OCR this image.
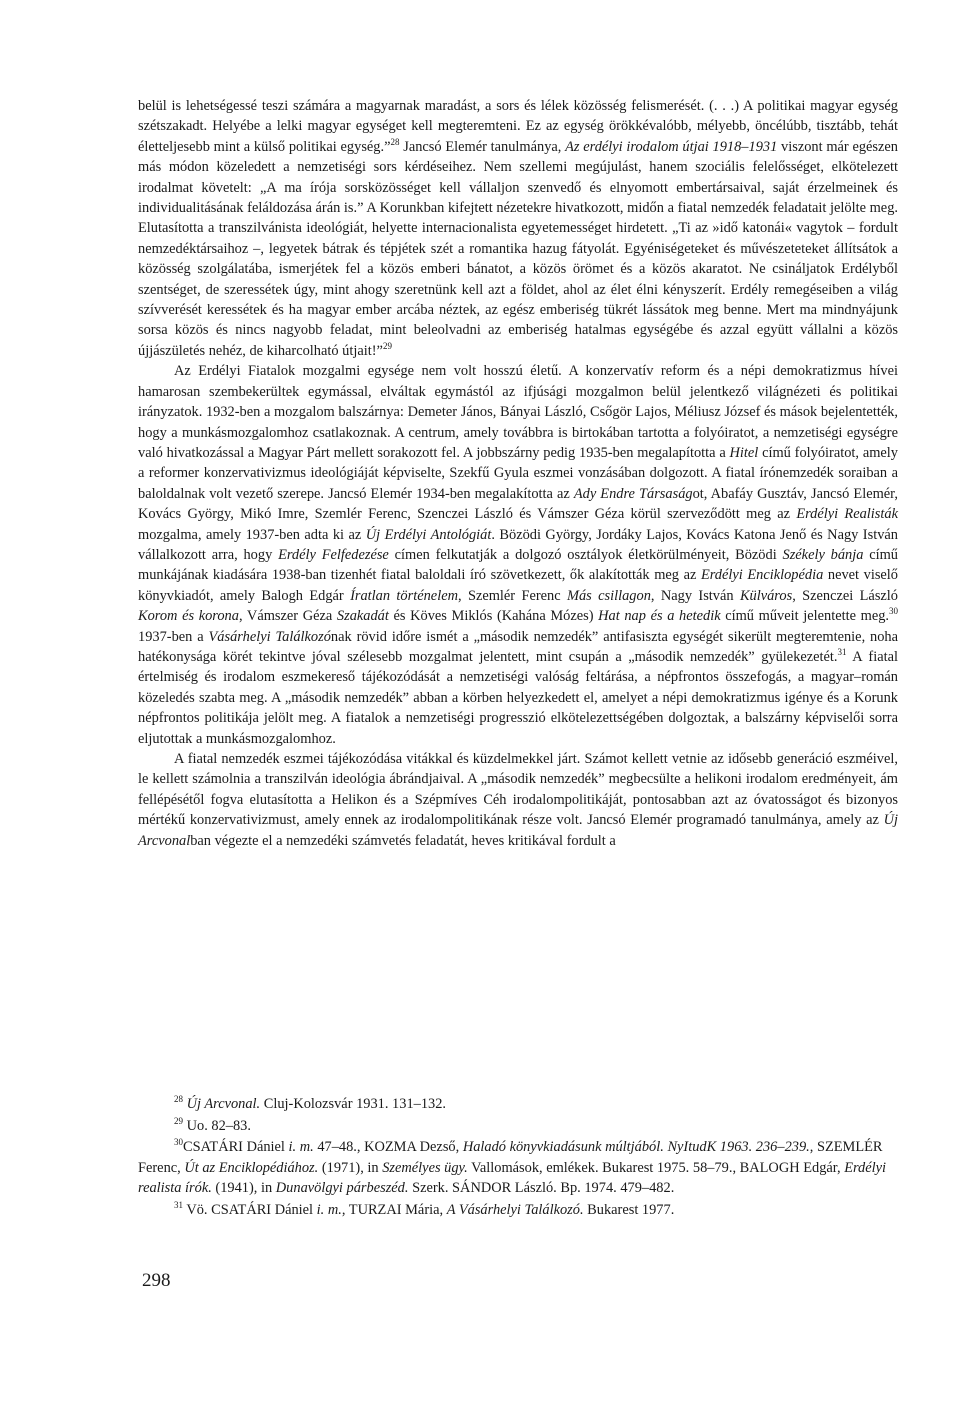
belül is lehetségessé teszi számára a magyarnak maradást, a sors és lélek közösség felismerését. (. . .) A politikai magyar egység szétszakadt. Helyébe a lelki magyar egységet kell megteremteni. Ez az egység örökkévalóbb, mélyebb, öncélúbb, tisztább, tehát életteljesebb mint a külső politikai egység.”$^{28}$ Jancsó Elemér tanulmánya, Az erdélyi irodalom útjai 1918–1931 viszont már egészen más módon közeledett a nemzetiségi sors kérdéseihez. Nem szellemi megújulást, hanem szociális felelősséget, elkötelezett irodalmat követelt: „A ma írója sorsközösséget kell vállaljon szenvedő és elnyomott embertársaival, saját érzelmeinek és individualitásának feláldozása árán is.” A Korunkban kifejtett nézetekre hivatkozott, midőn a fiatal nemzedék feladatait jelölte meg. Elutasította a transzilvánista ideológiát, helyette internacionalista egyetemességet hirdetett. „Ti az »idő katonái« vagytok – fordult nemzedéktársaihoz –, legyetek bátrak és tépjétek szét a romantika hazug fátyolát. Egyéniségeteket és művészeteteket állítsátok a közösség szolgálatába, ismerjétek fel a közös emberi bánatot, a közös örömet és a közös akaratot. Ne csináljatok Erdélyből szentséget, de szeressétek úgy, mint ahogy szeretnünk kell azt a földet, ahol az élet élni kényszerít. Erdély remegéseiben a világ szívverését keressétek és ha magyar ember arcába néztek, az egész emberiség tükrét lássátok meg benne. Mert ma mindnyájunk sorsa közös és nincs nagyobb feladat, mint beleolvadni az emberiség hatalmas egységébe és azzal együtt vállalni a közös újjászületés nehéz, de kiharcolható útjait!”$^{29}$

Az Erdélyi Fiatalok mozgalmi egysége nem volt hosszú életű. A konzervatív reform és a népi demokratizmus hívei hamarosan szembekerültek egymással, elváltak egymástól az ifjúsági mozgalmon belül jelentkező világnézeti és politikai irányzatok. 1932-ben a mozgalom balszárnya: Demeter János, Bányai László, Csőgör Lajos, Méliusz József és mások bejelentették, hogy a munkásmozgalomhoz csatlakoznak. A centrum, amely továbbra is birtokában tartotta a folyóiratot, a nemzetiségi egységre való hivatkozással a Magyar Párt mellett sorakozott fel. A jobbszárny pedig 1935-ben megalapította a Hitel című folyóiratot, amely a reformer konzervativizmus ideológiáját képviselte, Szekfű Gyula eszmei vonzásában dolgozott. A fiatal írónemzedék soraiban a baloldalnak volt vezető szerepe. Jancsó Elemér 1934-ben megalakította az Ady Endre Társaságot, Abafáy Gusztáv, Jancsó Elemér, Kovács György, Mikó Imre, Szemlér Ferenc, Szenczei László és Vámszer Géza körül szerveződött meg az Erdélyi Realisták mozgalma, amely 1937-ben adta ki az Új Erdélyi Antológiát. Bözödi György, Jordáky Lajos, Kovács Katona Jenő és Nagy István vállalkozott arra, hogy Erdély Felfedezése címen felkutatják a dolgozó osztályok életkörülményeit, Bözödi Székely bánja című munkájának kiadására 1938-ban tizenhét fiatal baloldali író szövetkezett, ők alakították meg az Erdélyi Enciklopédia nevet viselő könyvkiadót, amely Balogh Edgár Íratlan történelem, Szemlér Ferenc Más csillagon, Nagy István Külváros, Szenczei László Korom és korona, Vámszer Géza Szakadát és Köves Miklós (Kahána Mózes) Hat nap és a hetedik című műveit jelentette meg.$^{30}$ 1937-ben a Vásárhelyi Találkozónak rövid időre ismét a „második nemzedék” antifasiszta egységét sikerült megteremtenie, noha hatékonysága körét tekintve jóval szélesebb mozgalmat jelentett, mint csupán a „második nemzedék” gyülekezetét.$^{31}$ A fiatal értelmiség és irodalom eszmekereső tájékozódását a nemzetiségi valóság feltárása, a népfrontos összefogás, a magyar–román közeledés szabta meg. A „második nemzedék” abban a körben helyezkedett el, amelyet a népi demokratizmus igénye és a Korunk népfrontos politikája jelölt meg. A fiatalok a nemzetiségi progresszió elkötelezettségében dolgoztak, a balszárny képviselői sorra eljutottak a munkásmozgalomhoz.

A fiatal nemzedék eszmei tájékozódása vitákkal és küzdelmekkel járt. Számot kellett vetnie az idősebb generáció eszméivel, le kellett számolnia a transzilván ideológia ábrándjaival. A „második nemzedék” megbecsülte a helikoni irodalom eredményeit, ám fellépésétől fogva elutasította a Helikon és a Szépmíves Céh irodalompolitikáját, pontosabban azt az óvatosságot és bizonyos mértékű konzervativizmust, amely ennek az irodalompolitikának része volt. Jancsó Elemér programadó tanulmánya, amely az Új Arcvonalban végezte el a nemzedéki számvetés feladatát, heves kritikával fordult a

$^{28}$ Új Arcvonal. Cluj-Kolozsvár 1931. 131–132.

$^{29}$ Uo. 82–83.

$^{30}$CSATÁRI Dániel i. m. 47–48., KOZMA Dezső, Haladó könyvkiadásunk múltjából. NyItudK 1963. 236–239., SZEMLÉR Ferenc, Út az Enciklopédiához. (1971), in Személyes ügy. Vallomások, emlékek. Bukarest 1975. 58–79., BALOGH Edgár, Erdélyi realista írók. (1941), in Dunavölgyi párbeszéd. Szerk. SÁNDOR László. Bp. 1974. 479–482.

$^{31}$ Vö. CSATÁRI Dániel i. m., TURZAI Mária, A Vásárhelyi Találkozó. Bukarest 1977.

298
